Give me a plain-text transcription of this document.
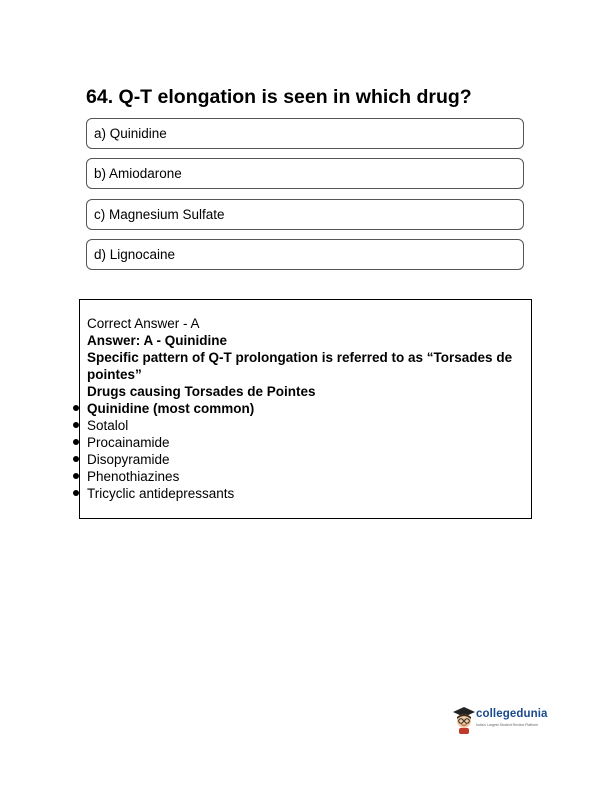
64. Q-T elongation is seen in which drug?
a) Quinidine
b) Amiodarone
c) Magnesium Sulfate
d) Lignocaine

Correct Answer - A

Answer: A - Quinidine

Specific pattern of Q-T prolongation is referred to as “Torsades de pointes”

Drugs causing Torsades de Pointes

Quinidine (most common)
Sotalol
Procainamide
Disopyramide
Phenothiazines
Tricyclic antidepressants
collegedunia
India's Largest Student Review Platform
